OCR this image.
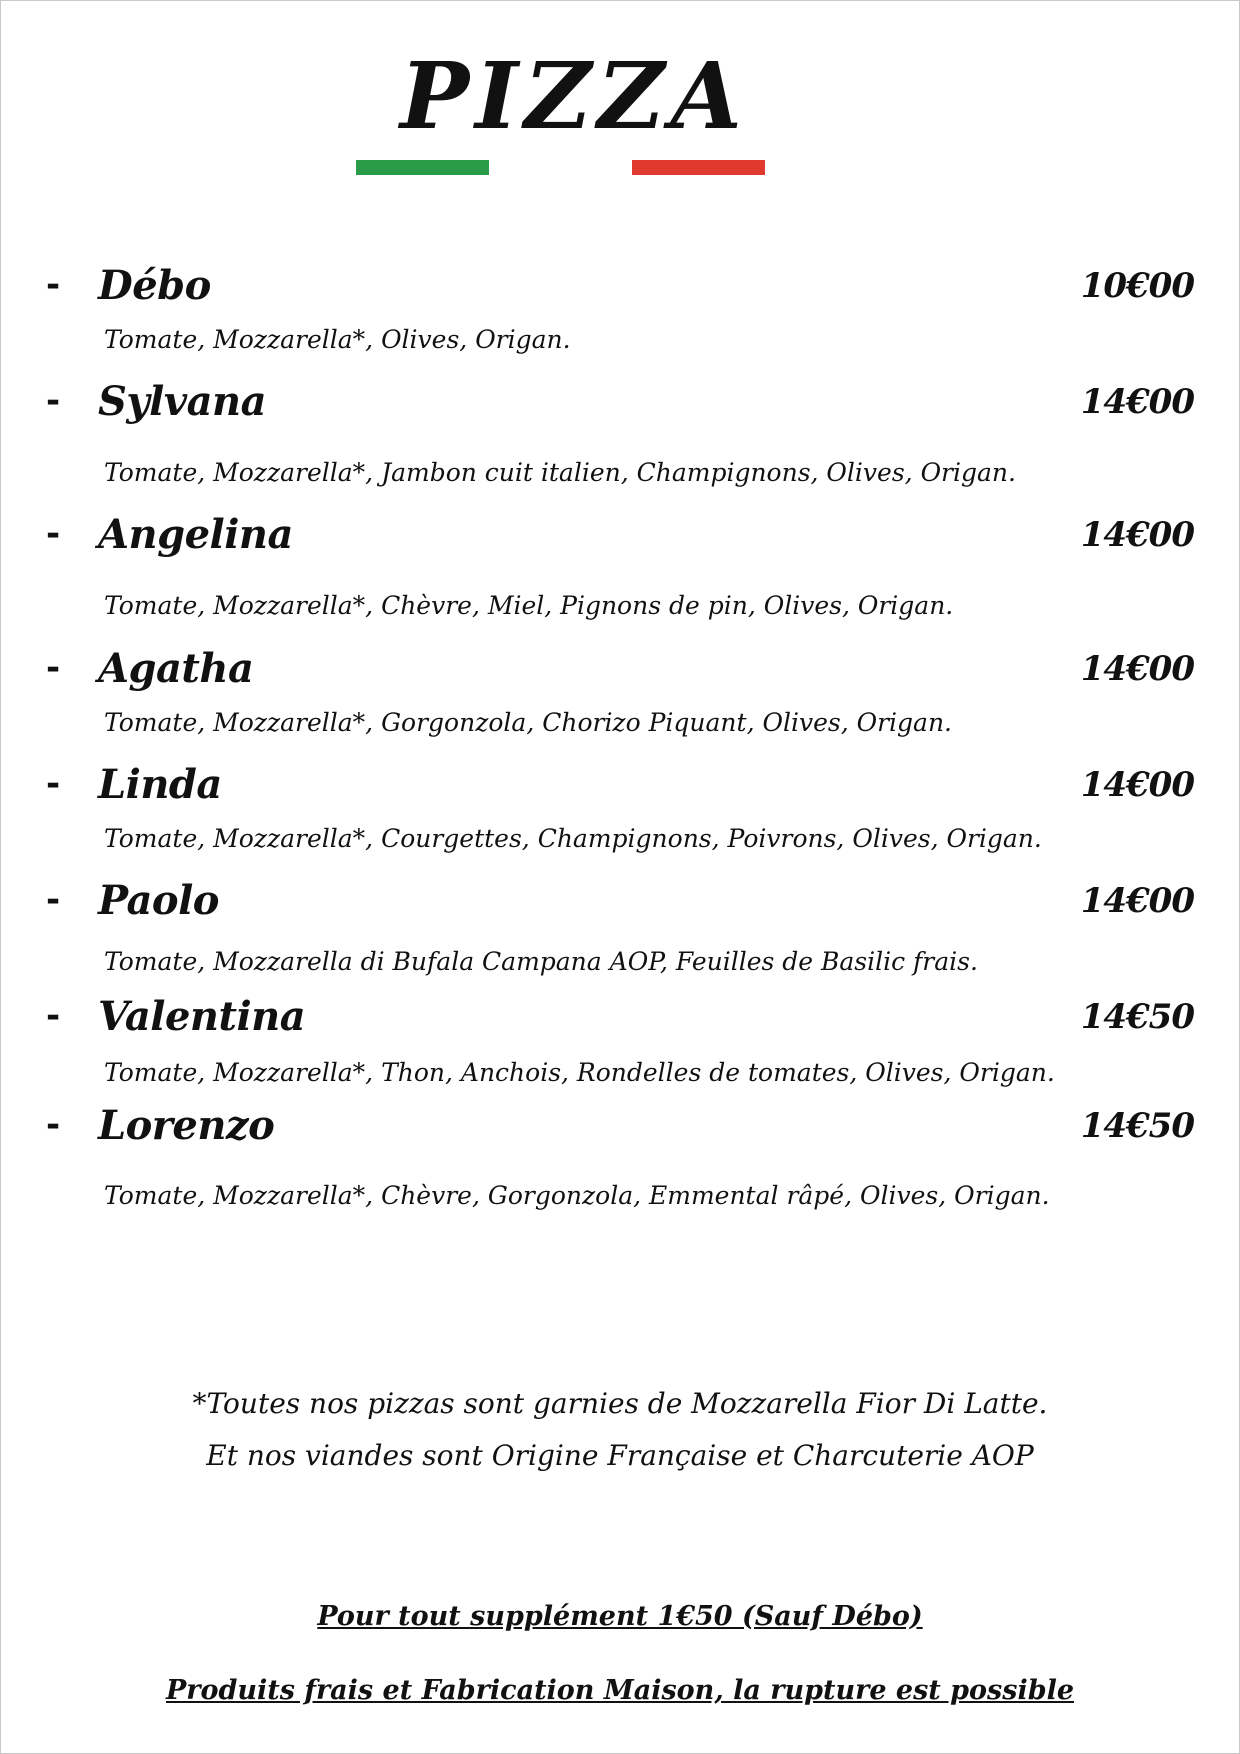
PIZZA
- Débo	10€00
Tomate, Mozzarella*, Olives, Origan.
- Sylvana	14€00
Tomate, Mozzarella*, Jambon cuit italien, Champignons, Olives, Origan.
- Angelina	14€00
Tomate, Mozzarella*, Chèvre, Miel, Pignons de pin, Olives, Origan.
- Agatha	14€00
Tomate, Mozzarella*, Gorgonzola, Chorizo Piquant, Olives, Origan.
- Linda	14€00
Tomate, Mozzarella*, Courgettes, Champignons, Poivrons, Olives, Origan.
- Paolo	14€00
Tomate, Mozzarella di Bufala Campana AOP, Feuilles de Basilic frais.
- Valentina	14€50
Tomate, Mozzarella*, Thon, Anchois, Rondelles de tomates, Olives, Origan.
- Lorenzo	14€50
Tomate, Mozzarella*, Chèvre, Gorgonzola, Emmental râpé, Olives, Origan.
*Toutes nos pizzas sont garnies de Mozzarella Fior Di Latte.
Et nos viandes sont Origine Française et Charcuterie AOP
Pour tout supplément 1€50 (Sauf Débo)
Produits frais et Fabrication Maison, la rupture est possible
